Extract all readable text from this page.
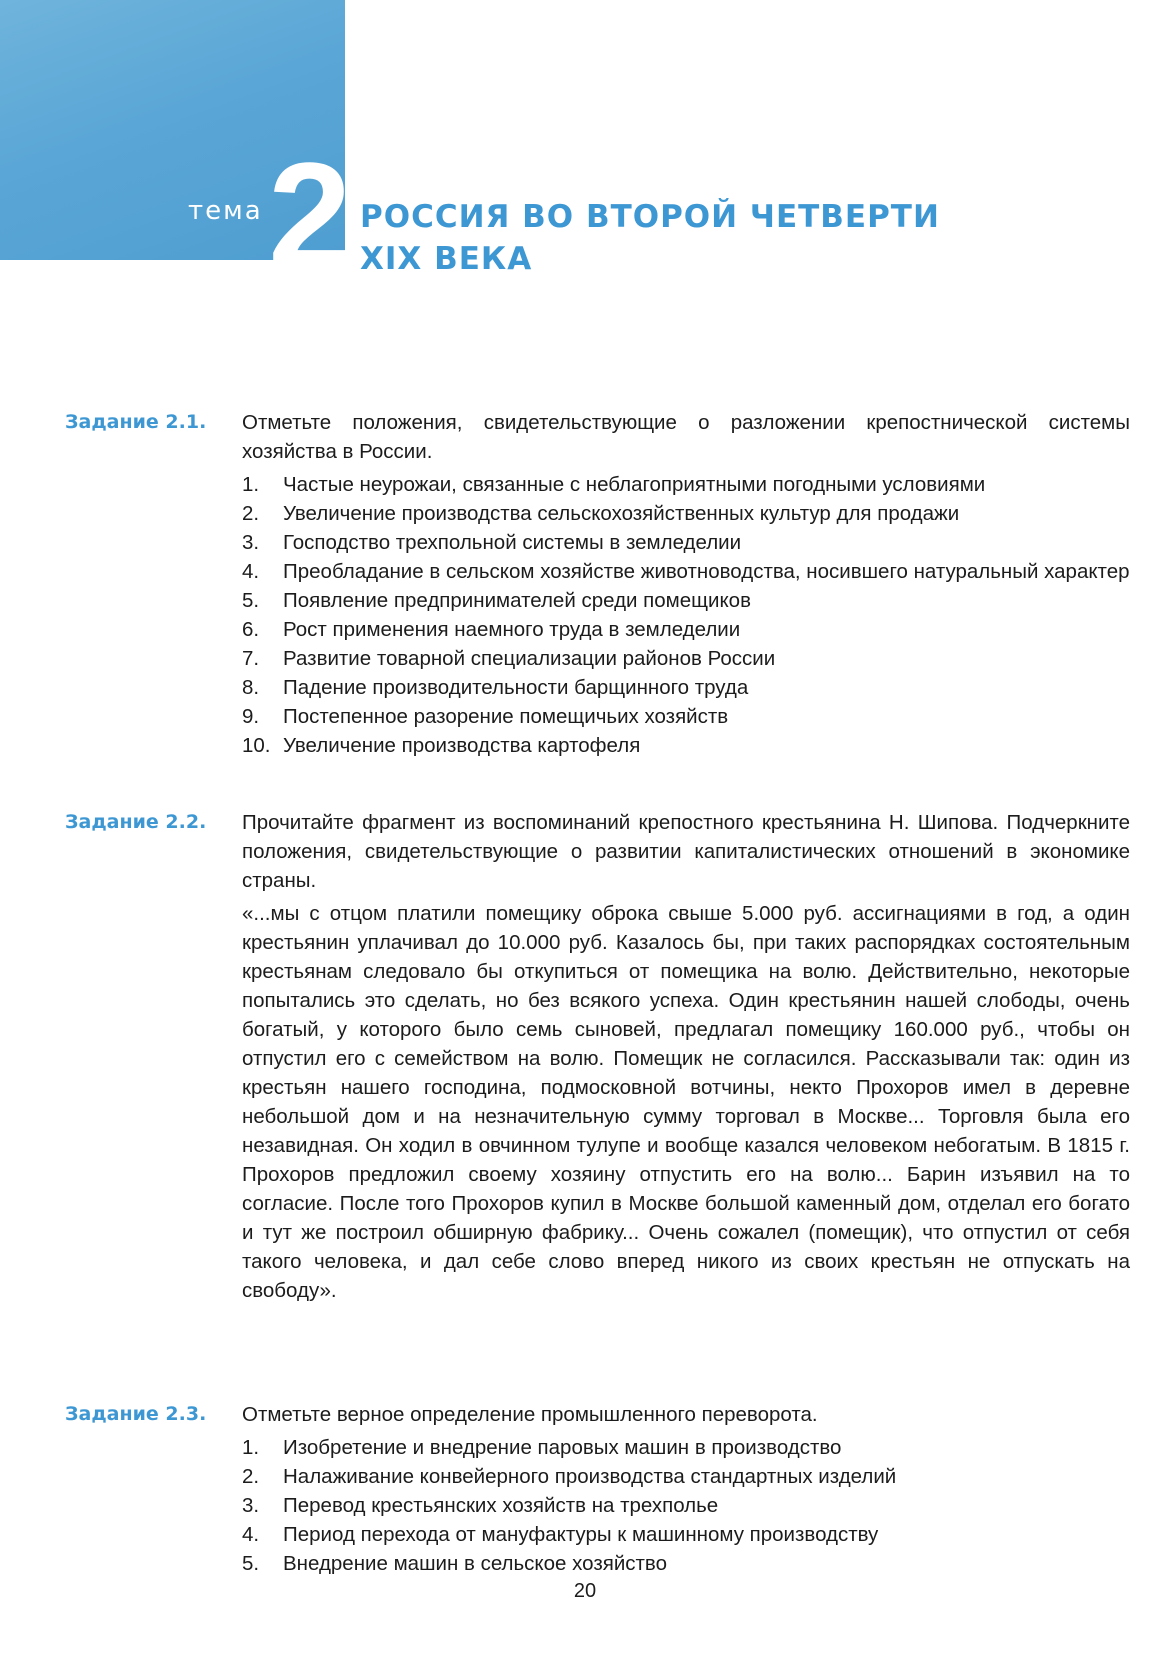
тема 2 РОССИЯ ВО ВТОРОЙ ЧЕТВЕРТИ
XIX ВЕКА
Задание 2.1.	Отметьте положения, свидетельствующие о разложении крепостнической системы хозяйства в России.
1. Частые неурожаи, связанные с неблагоприятными погодными условиями
2. Увеличение производства сельскохозяйственных культур для продажи
3. Господство трехпольной системы в земледелии
4. Преобладание в сельском хозяйстве животноводства, носившего натуральный характер
5. Появление предпринимателей среди помещиков
6. Рост применения наемного труда в земледелии
7. Развитие товарной специализации районов России
8. Падение производительности барщинного труда
9. Постепенное разорение помещичьих хозяйств
10. Увеличение производства картофеля
Задание 2.2.	Прочитайте фрагмент из воспоминаний крепостного крестьянина Н. Шипова. Подчеркните положения, свидетельствующие о развитии капиталистических отношений в экономике страны.
«...мы с отцом платили помещику оброка свыше 5.000 руб. ассигнациями в год, а один крестьянин уплачивал до 10.000 руб. Казалось бы, при таких распорядках состоятельным крестьянам следовало бы откупиться от помещика на волю. Действительно, некоторые попытались это сделать, но без всякого успеха. Один крестьянин нашей слободы, очень богатый, у которого было семь сыновей, предлагал помещику 160.000 руб., чтобы он отпустил его с семейством на волю. Помещик не согласился. Рассказывали так: один из крестьян нашего господина, подмосковной вотчины, некто Прохоров имел в деревне небольшой дом и на незначительную сумму торговал в Москве... Торговля была его незавидная. Он ходил в овчинном тулупе и вообще казался человеком небогатым. В 1815 г. Прохоров предложил своему хозяину отпустить его на волю... Барин изъявил на то согласие. После того Прохоров купил в Москве большой каменный дом, отделал его богато и тут же построил обширную фабрику... Очень сожалел (помещик), что отпустил от себя такого человека, и дал себе слово вперед никого из своих крестьян не отпускать на свободу».
Задание 2.3.	Отметьте верное определение промышленного переворота.
1. Изобретение и внедрение паровых машин в производство
2. Налаживание конвейерного производства стандартных изделий
3. Перевод крестьянских хозяйств на трехполье
4. Период перехода от мануфактуры к машинному производству
5. Внедрение машин в сельское хозяйство
20
